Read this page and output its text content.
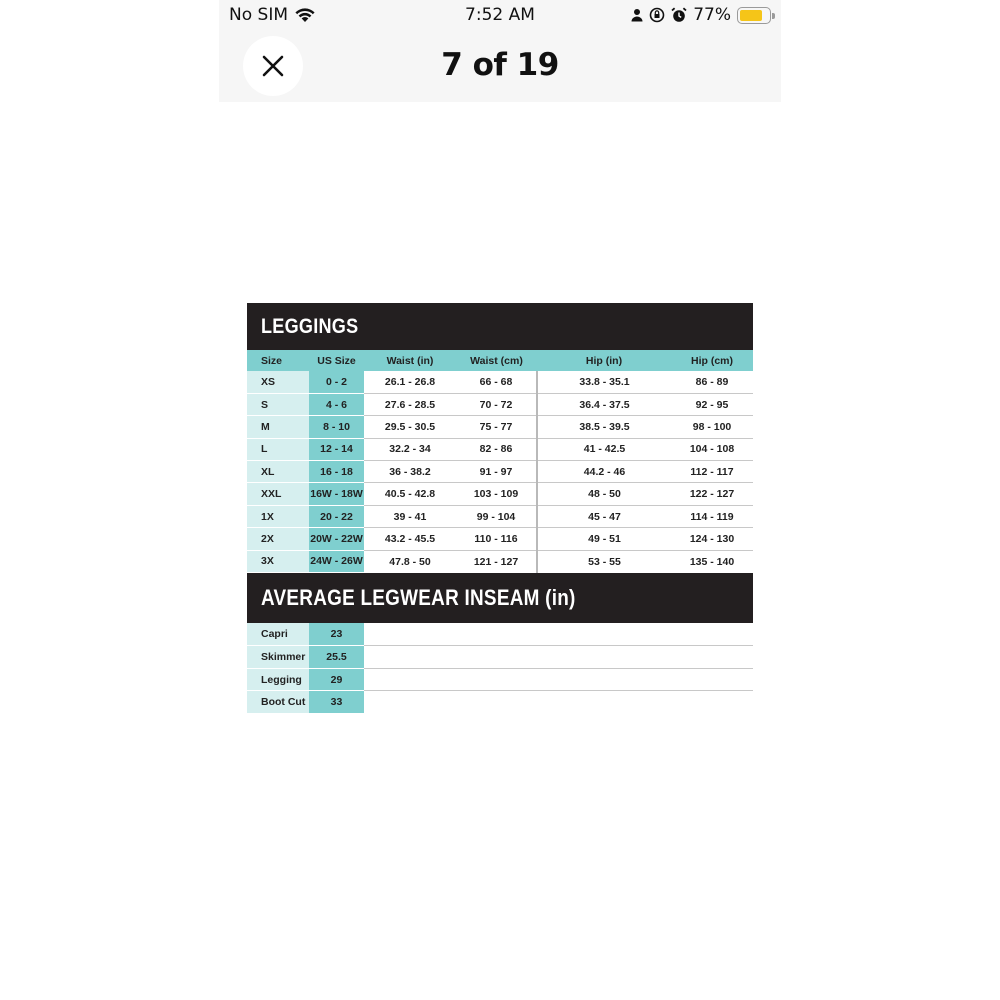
No SIM	7:52 AM	77%
7 of 19
LEGGINGS
Size	US Size	Waist (in)	Waist (cm)	Hip (in)	Hip (cm)
XS	0 - 2	26.1 - 26.8	66 - 68	33.8 - 35.1	86 - 89
S	4 - 6	27.6 - 28.5	70 - 72	36.4 - 37.5	92 - 95
M	8 - 10	29.5 - 30.5	75 - 77	38.5 - 39.5	98 - 100
L	12 - 14	32.2 - 34	82 - 86	41 - 42.5	104 - 108
XL	16 - 18	36 - 38.2	91 - 97	44.2 - 46	112 - 117
XXL	16W - 18W	40.5 - 42.8	103 - 109	48 - 50	122 - 127
1X	20 - 22	39 - 41	99 - 104	45 - 47	114 - 119
2X	20W - 22W	43.2 - 45.5	110 - 116	49 - 51	124 - 130
3X	24W - 26W	47.8 - 50	121 - 127	53 - 55	135 - 140
AVERAGE LEGWEAR INSEAM (in)
Capri	23	
Skimmer	25.5	
Legging	29	
Boot Cut	33	
